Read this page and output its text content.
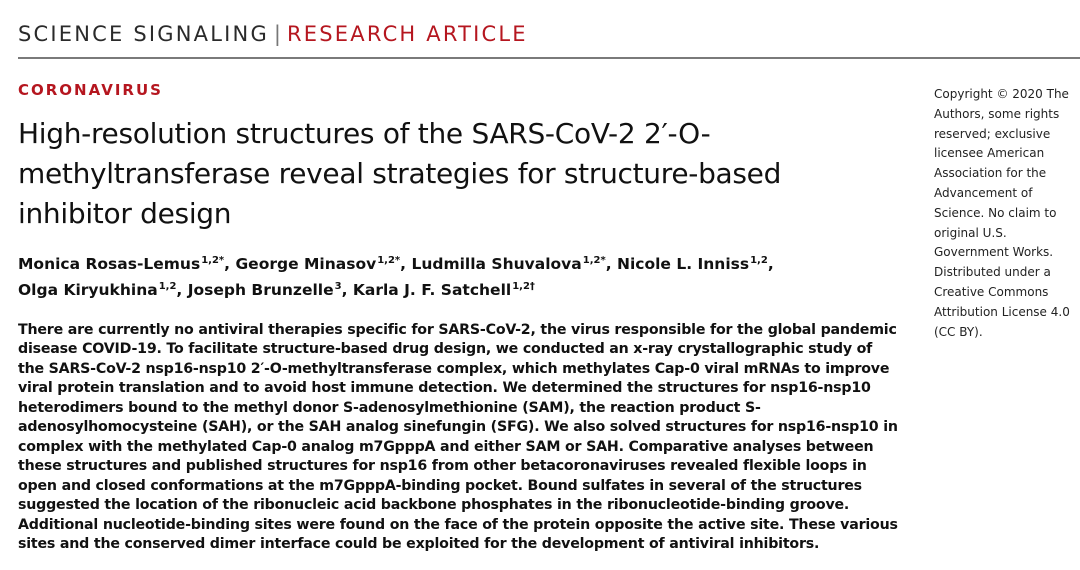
SCIENCE SIGNALING | RESEARCH ARTICLE
CORONAVIRUS
High-resolution structures of the SARS-CoV-2 2′-O-methyltransferase reveal strategies for structure-based inhibitor design
Monica Rosas-Lemus$^{1,2*}$, George Minasov$^{1,2*}$, Ludmilla Shuvalova$^{1,2*}$, Nicole L. Inniss$^{1,2}$,
Olga Kiryukhina$^{1,2}$, Joseph Brunzelle$^3$, Karla J. F. Satchell$^{1,2\dagger}$

There are currently no antiviral therapies specific for SARS-CoV-2, the virus responsible for the global pandemic disease COVID-19. To facilitate structure-based drug design, we conducted an x-ray crystallographic study of the SARS-CoV-2 nsp16-nsp10 2′-O-methyltransferase complex, which methylates Cap-0 viral mRNAs to improve viral protein translation and to avoid host immune detection. We determined the structures for nsp16-nsp10 heterodimers bound to the methyl donor S-adenosylmethionine (SAM), the reaction product S-adenosylhomocysteine (SAH), or the SAH analog sinefungin (SFG). We also solved structures for nsp16-nsp10 in complex with the methylated Cap-0 analog m7GpppA and either SAM or SAH. Comparative analyses between these structures and published structures for nsp16 from other betacoronaviruses revealed flexible loops in open and closed conformations at the m7GpppA-binding pocket. Bound sulfates in several of the structures suggested the location of the ribonucleic acid backbone phosphates in the ribonucleotide-binding groove. Additional nucleotide-binding sites were found on the face of the protein opposite the active site. These various sites and the conserved dimer interface could be exploited for the development of antiviral inhibitors.

Copyright © 2020 The Authors, some rights reserved; exclusive licensee American Association for the Advancement of Science. No claim to original U.S. Government Works. Distributed under a Creative Commons Attribution License 4.0 (CC BY).
